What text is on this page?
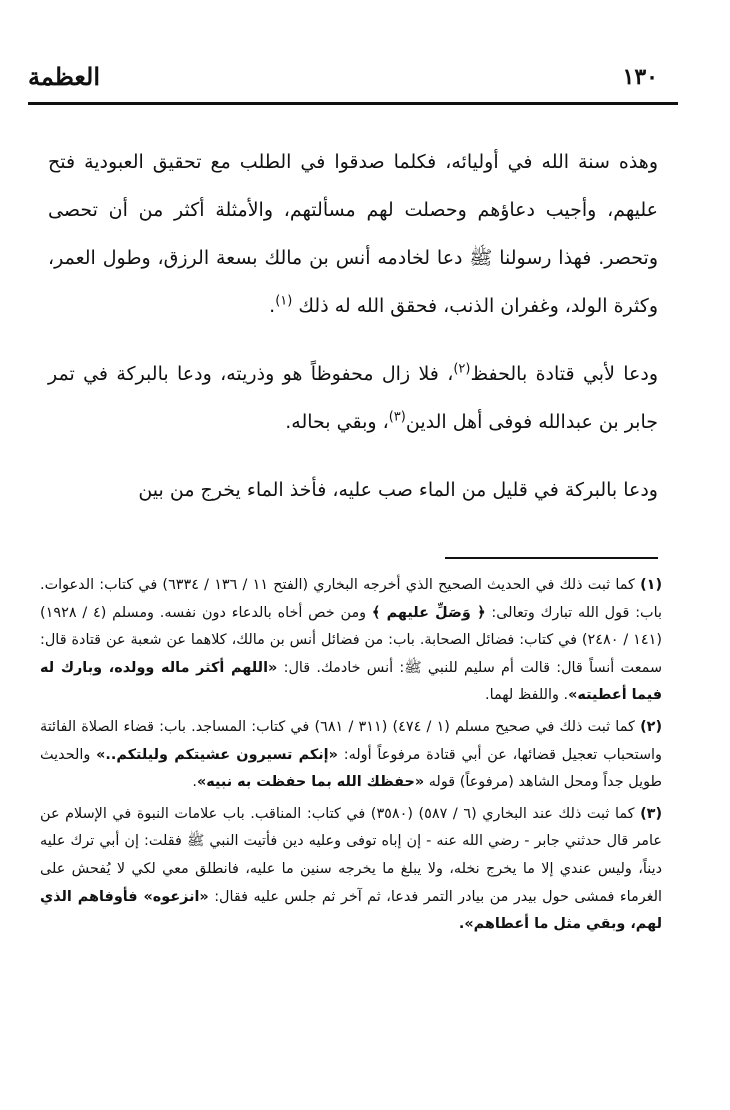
١٣٠
العظمة

وهذه سنة الله في أوليائه، فكلما صدقوا في الطلب مع تحقيق العبودية فتح عليهم، وأجيب دعاؤهم وحصلت لهم مسألتهم، والأمثلة أكثر من أن تحصى وتحصر. فهذا رسولنا ﷺ دعا لخادمه أنس بن مالك بسعة الرزق، وطول العمر، وكثرة الولد، وغفران الذنب، فحقق الله له ذلك $^{(١)}$.

ودعا لأبي قتادة بالحفظ$^{(٢)}$، فلا زال محفوظاً هو وذريته، ودعا بالبركة في تمر جابر بن عبدالله فوفى أهل الدين$^{(٣)}$، وبقي بحاله.

ودعا بالبركة في قليل من الماء صب عليه، فأخذ الماء يخرج من بين

(١) كما ثبت ذلك في الحديث الصحيح الذي أخرجه البخاري (الفتح ١١ / ١٣٦ / ٦٣٣٤) في كتاب: الدعوات. باب: قول الله تبارك وتعالى: ﴿ وَصَلِّ عليهم ﴾ ومن خص أخاه بالدعاء دون نفسه. ومسلم (٤ / ١٩٢٨) (١٤١ / ٢٤٨٠) في كتاب: فضائل الصحابة. باب: من فضائل أنس بن مالك، كلاهما عن شعبة عن قتادة قال: سمعت أنساً قال: قالت أم سليم للنبي ﷺ: أنس خادمك. قال: «اللهم أكثر ماله وولده، وبارك له فيما أعطيته». واللفظ لهما.

(٢) كما ثبت ذلك في صحيح مسلم (١ / ٤٧٤) (٣١١ / ٦٨١) في كتاب: المساجد. باب: قضاء الصلاة الفائتة واستحباب تعجيل قضائها، عن أبي قتادة مرفوعاً أوله: «إنكم تسيرون عشيتكم وليلتكم..» والحديث طويل جداً ومحل الشاهد (مرفوعاً) قوله «حفظك الله بما حفظت به نبيه».

(٣) كما ثبت ذلك عند البخاري (٦ / ٥٨٧) (٣٥٨٠) في كتاب: المناقب. باب علامات النبوة في الإسلام عن عامر قال حدثني جابر - رضي الله عنه - إن إباه توفى وعليه دين فأتيت النبي ﷺ فقلت: إن أبي ترك عليه ديناً، وليس عندي إلا ما يخرج نخله، ولا يبلغ ما يخرجه سنين ما عليه، فانطلق معي لكي لا يُفحش على الغرماء فمشى حول بيدر من بيادر التمر فدعا، ثم آخر ثم جلس عليه فقال: «انزعوه» فأوفاهم الذي لهم، وبقي مثل ما أعطاهم».
